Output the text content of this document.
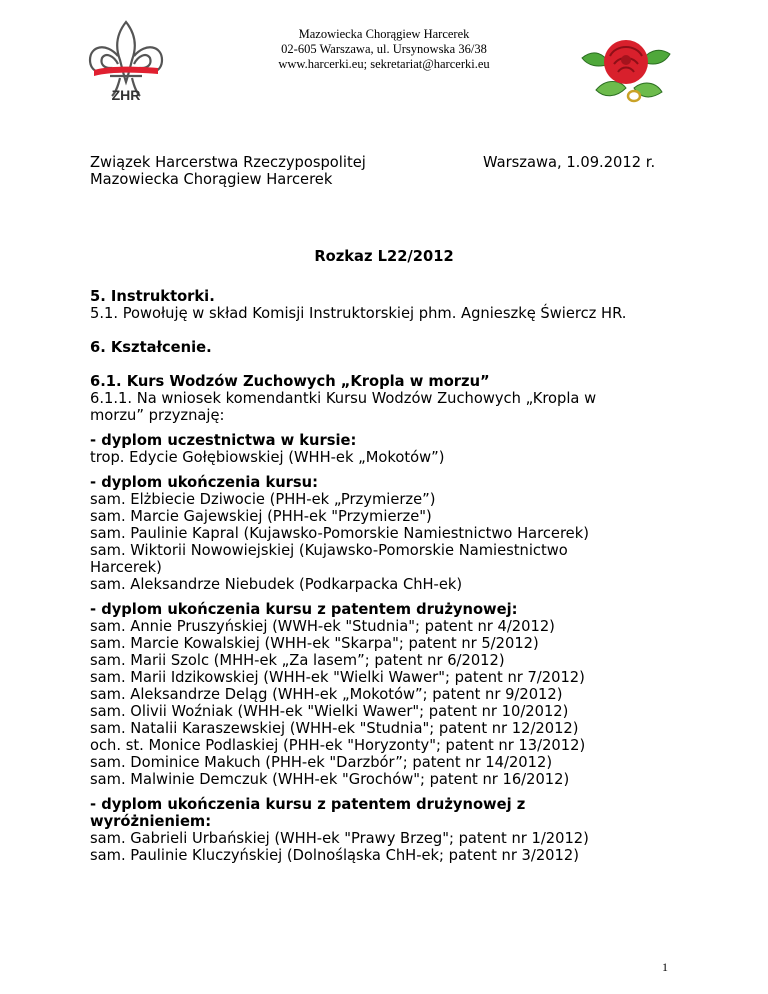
ZHR
Mazowiecka Chorągiew Harcerek
02-605 Warszawa, ul. Ursynowska 36/38
www.harcerki.eu; sekretariat@harcerki.eu
Związek Harcerstwa Rzeczypospolitej
Mazowiecka Chorągiew Harcerek
Warszawa, 1.09.2012 r.
Rozkaz L22/2012

5. Instruktorki.

5.1. Powołuję w skład Komisji Instruktorskiej phm. Agnieszkę Świercz HR.

6. Kształcenie.

6.1. Kurs Wodzów Zuchowych „Kropla w morzu”

6.1.1. Na wniosek komendantki Kursu Wodzów Zuchowych „Kropla w

morzu” przyznaję:

- dyplom uczestnictwa w kursie:

trop. Edycie Gołębiowskiej (WHH-ek „Mokotów”)

- dyplom ukończenia kursu:

sam. Elżbiecie Dziwocie (PHH-ek „Przymierze”)

sam. Marcie Gajewskiej (PHH-ek "Przymierze")

sam. Paulinie Kapral (Kujawsko-Pomorskie Namiestnictwo Harcerek)

sam. Wiktorii Nowowiejskiej (Kujawsko-Pomorskie Namiestnictwo

Harcerek)

sam. Aleksandrze Niebudek (Podkarpacka ChH-ek)

- dyplom ukończenia kursu z patentem drużynowej:

sam. Annie Pruszyńskiej (WWH-ek "Studnia"; patent nr 4/2012)

sam. Marcie Kowalskiej (WHH-ek "Skarpa"; patent nr 5/2012)

sam. Marii Szolc (MHH-ek „Za lasem”; patent nr 6/2012)

sam. Marii Idzikowskiej (WHH-ek "Wielki Wawer"; patent nr 7/2012)

sam. Aleksandrze Deląg (WHH-ek „Mokotów”; patent nr 9/2012)

sam. Olivii Woźniak (WHH-ek "Wielki Wawer"; patent nr 10/2012)

sam. Natalii Karaszewskiej (WHH-ek "Studnia"; patent nr 12/2012)

och. st. Monice Podlaskiej (PHH-ek "Horyzonty"; patent nr 13/2012)

sam. Dominice Makuch (PHH-ek "Darzbór”; patent nr 14/2012)

sam. Malwinie Demczuk (WHH-ek "Grochów"; patent nr 16/2012)

- dyplom ukończenia kursu z patentem drużynowej z

wyróżnieniem:

sam. Gabrieli Urbańskiej (WHH-ek "Prawy Brzeg"; patent nr 1/2012)

sam. Paulinie Kluczyńskiej (Dolnośląska ChH-ek; patent nr 3/2012)

1
